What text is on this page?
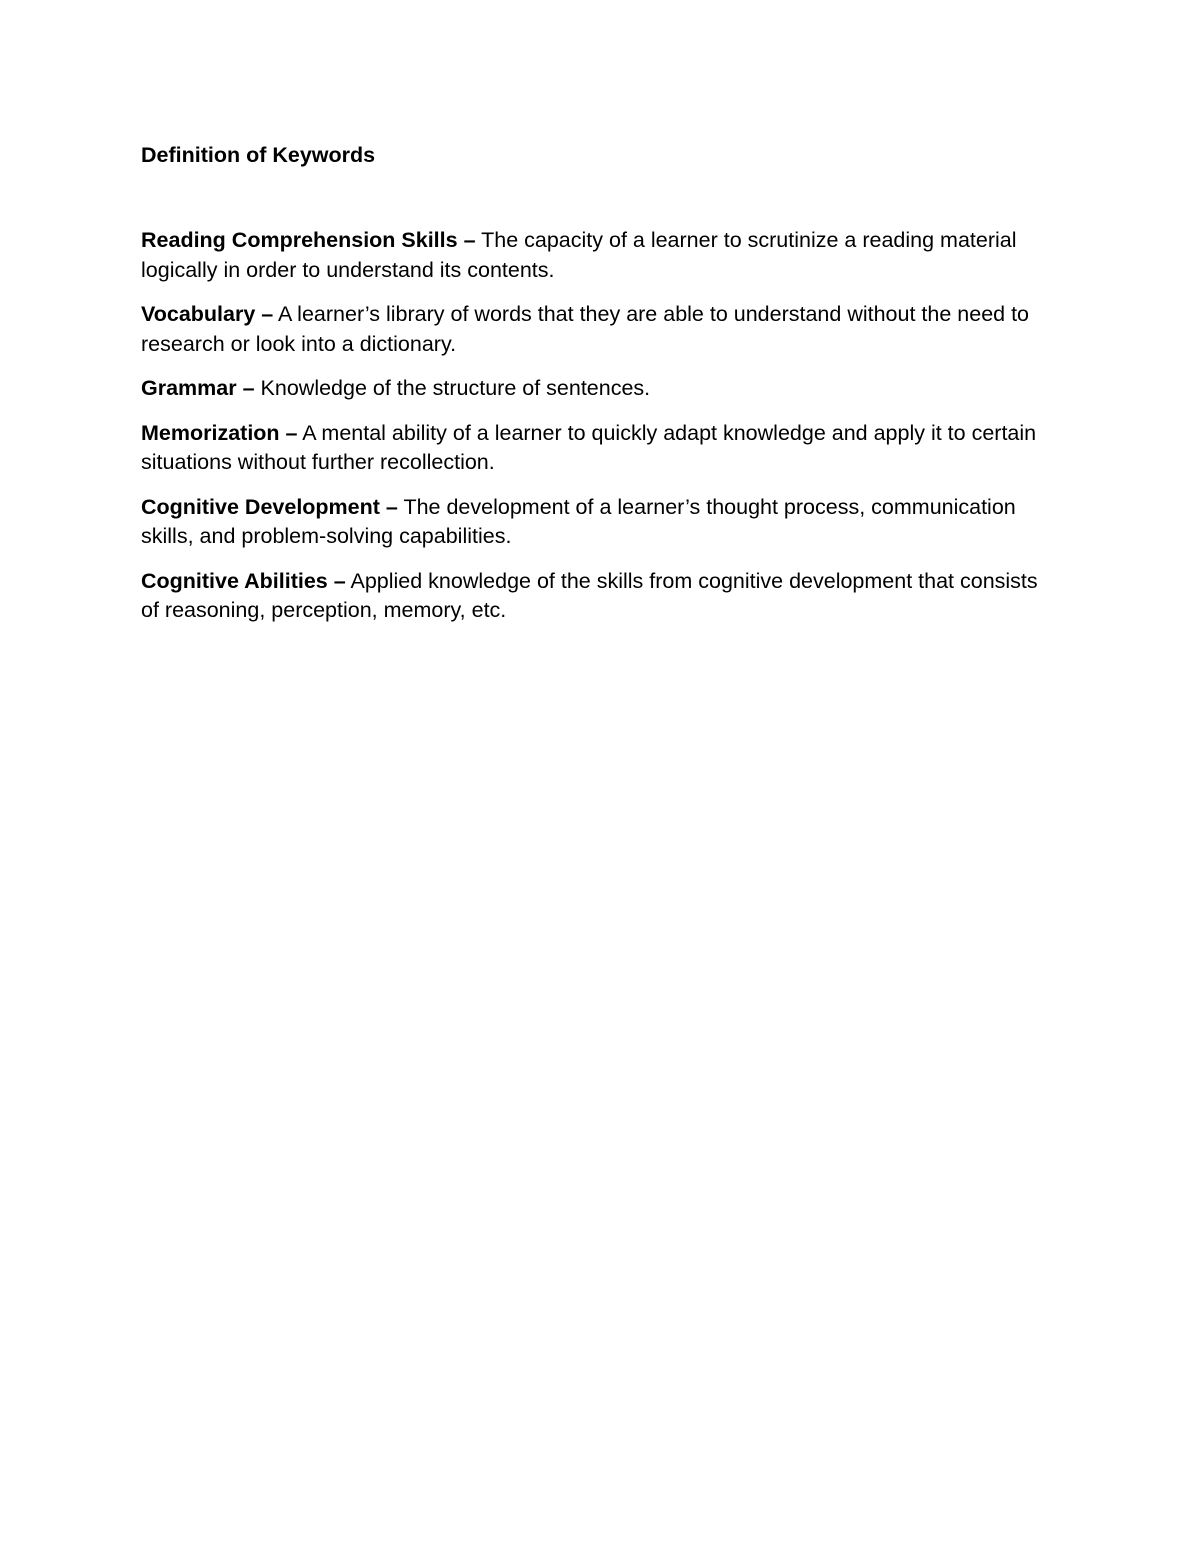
Definition of Keywords

Reading Comprehension Skills – The capacity of a learner to scrutinize a reading material logically in order to understand its contents.

Vocabulary – A learner’s library of words that they are able to understand without the need to research or look into a dictionary.

Grammar – Knowledge of the structure of sentences.

Memorization – A mental ability of a learner to quickly adapt knowledge and apply it to certain situations without further recollection.

Cognitive Development – The development of a learner’s thought process, communication skills, and problem-solving capabilities.

Cognitive Abilities – Applied knowledge of the skills from cognitive development that consists of reasoning, perception, memory, etc.
